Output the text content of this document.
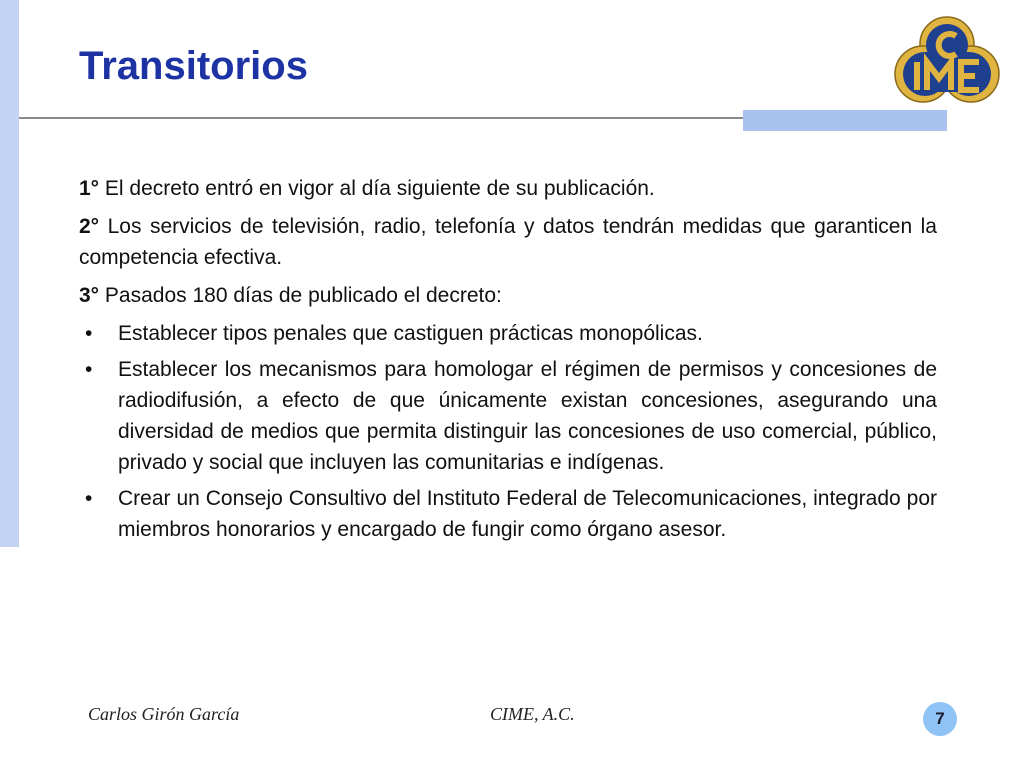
Transitorios

1° El decreto entró en vigor al día siguiente de su publicación.

2° Los servicios de televisión, radio, telefonía y datos tendrán medidas que garanticen la competencia efectiva.

3° Pasados 180 días de publicado el decreto:

•	Establecer tipos penales que castiguen prácticas monopólicas.
•	Establecer los mecanismos para homologar el régimen de permisos y concesiones de radiodifusión, a efecto de que únicamente existan concesiones, asegurando una diversidad de medios que permita distinguir las concesiones de uso comercial, público, privado y social que incluyen las comunitarias e indígenas.
•	Crear un Consejo Consultivo del Instituto Federal de Telecomunicaciones, integrado por miembros honorarios y encargado de fungir como órgano asesor.
Carlos Girón García	CIME, A.C.	7
